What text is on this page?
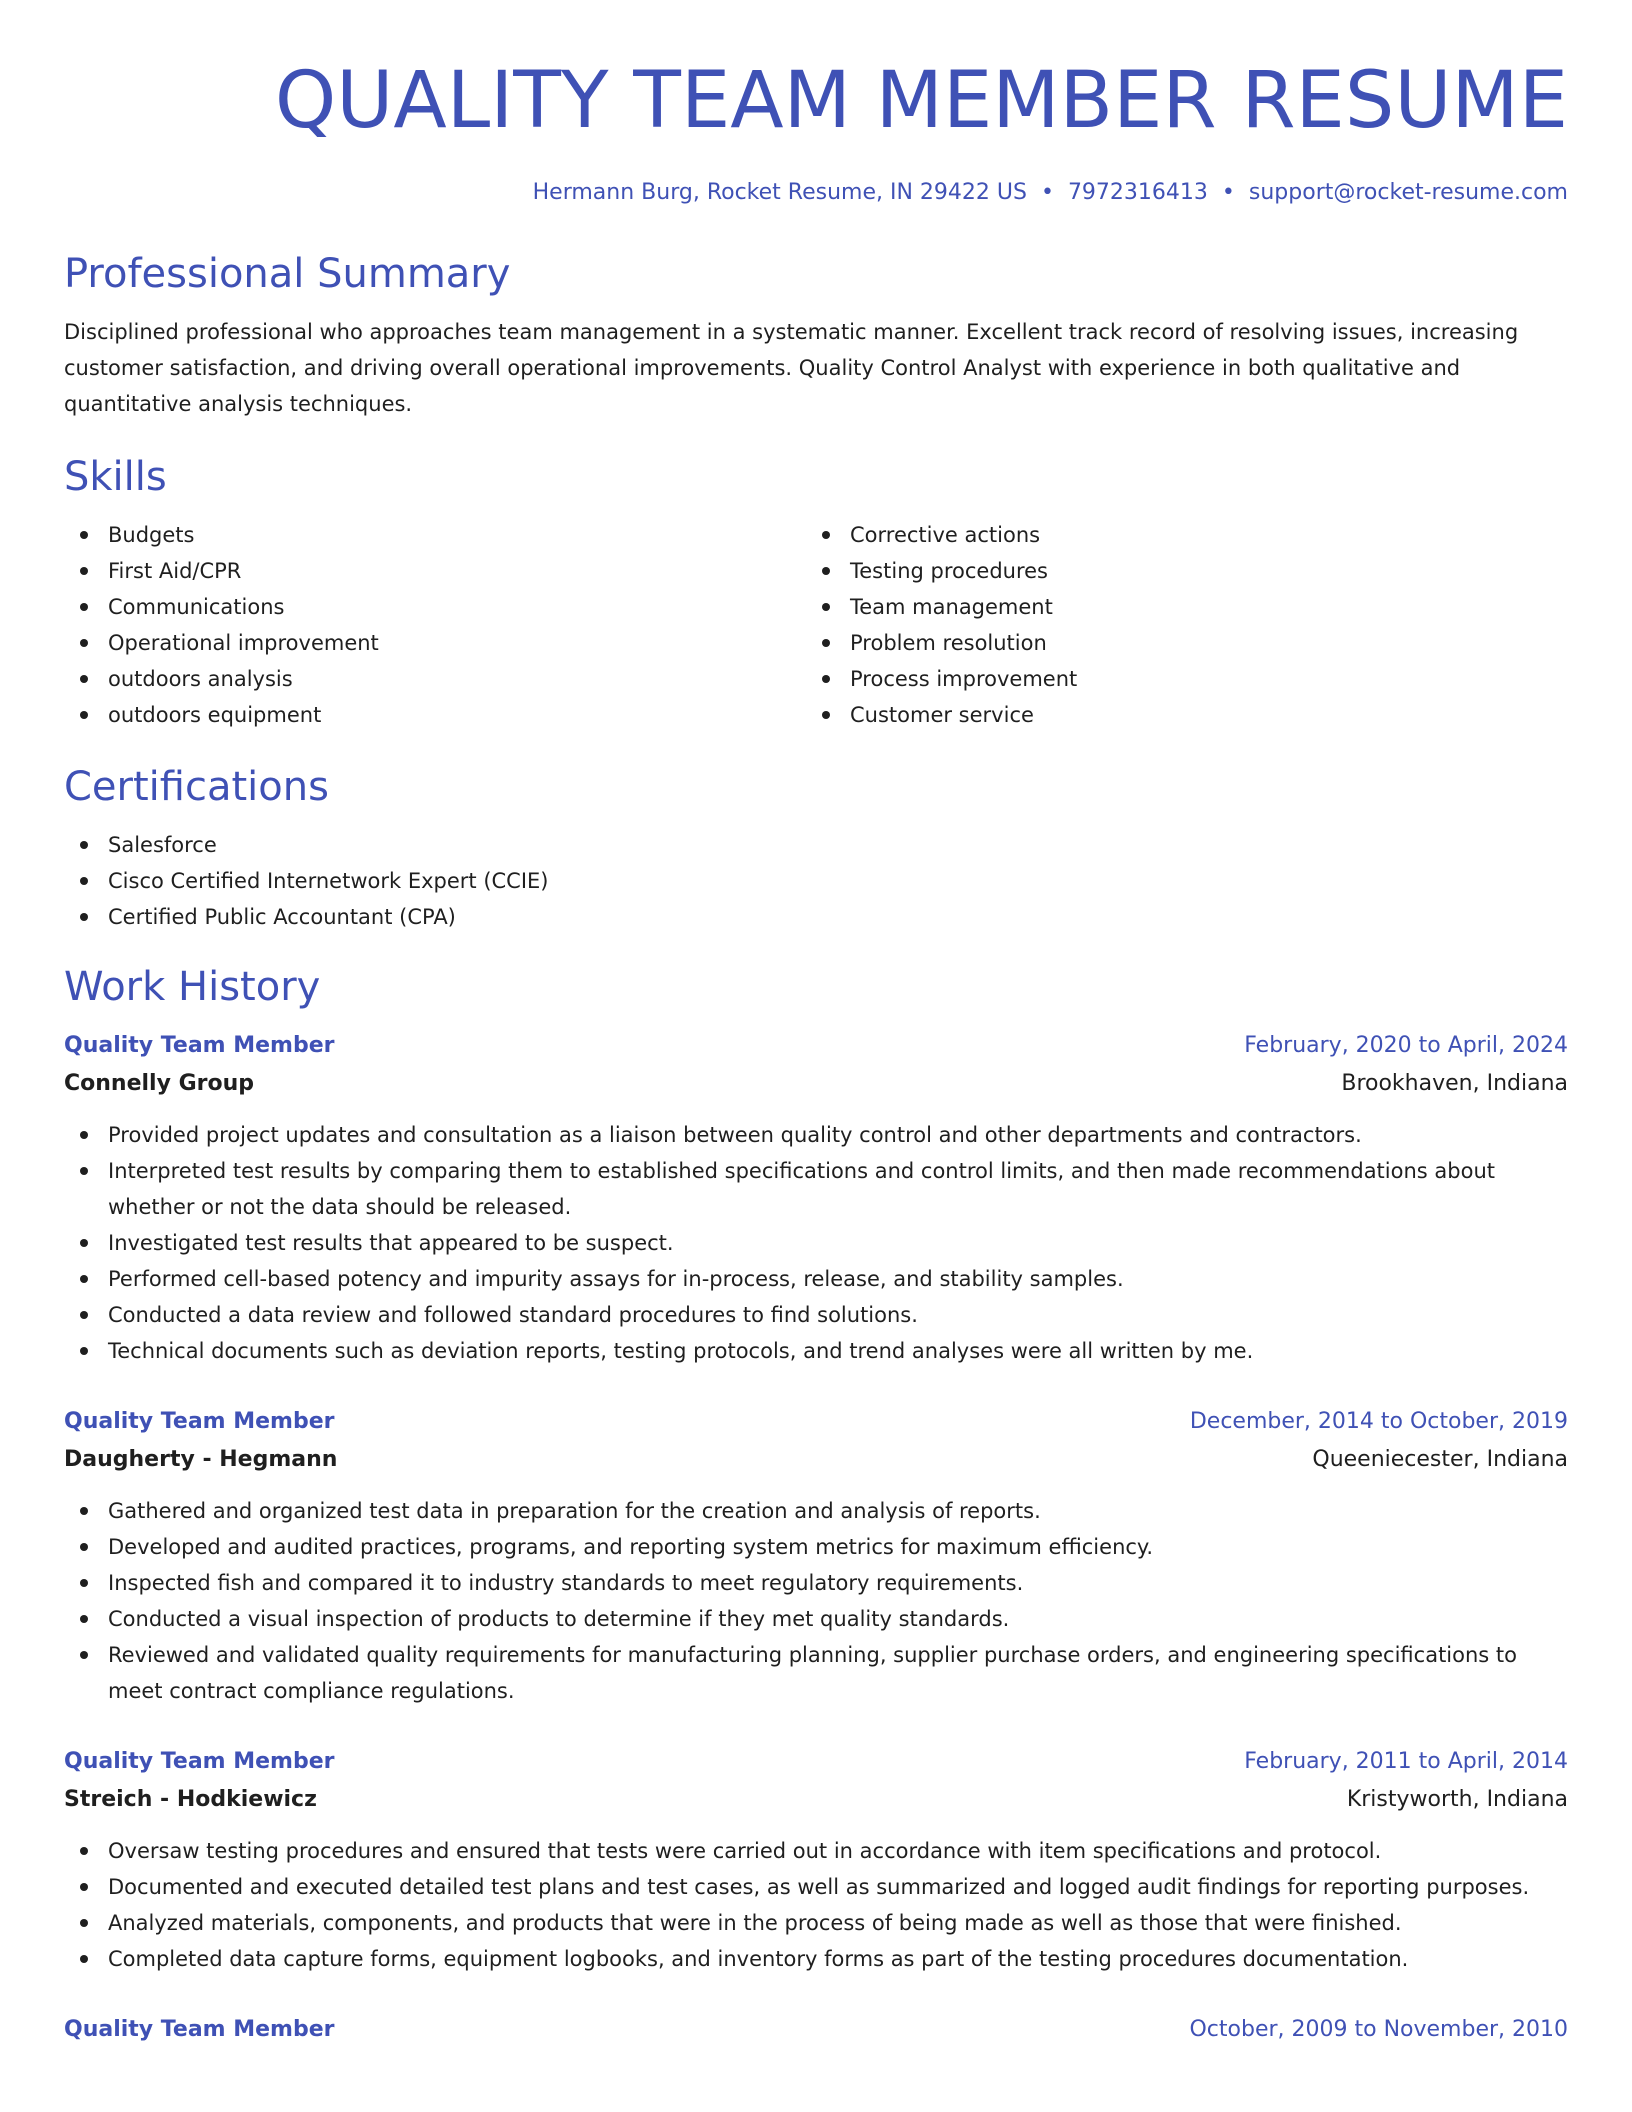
QUALITY TEAM MEMBER RESUME
Hermann Burg, Rocket Resume, IN 29422 US • 7972316413 • support@rocket-resume.com
Professional Summary

Disciplined professional who approaches team management in a systematic manner. Excellent track record of resolving issues, increasing customer satisfaction, and driving overall operational improvements. Quality Control Analyst with experience in both qualitative and quantitative analysis techniques.

Skills
Budgets
First Aid/CPR
Communications
Operational improvement
outdoors analysis
outdoors equipment
Corrective actions
Testing procedures
Team management
Problem resolution
Process improvement
Customer service
Certifications
Salesforce
Cisco Certified Internetwork Expert (CCIE)
Certified Public Accountant (CPA)
Work History
Quality Team Member	February, 2020 to April, 2024
Connelly Group	Brookhaven, Indiana
Provided project updates and consultation as a liaison between quality control and other departments and contractors.
Interpreted test results by comparing them to established specifications and control limits, and then made recommendations about whether or not the data should be released.
Investigated test results that appeared to be suspect.
Performed cell-based potency and impurity assays for in-process, release, and stability samples.
Conducted a data review and followed standard procedures to find solutions.
Technical documents such as deviation reports, testing protocols, and trend analyses were all written by me.
Quality Team Member	December, 2014 to October, 2019
Daugherty - Hegmann	Queeniecester, Indiana
Gathered and organized test data in preparation for the creation and analysis of reports.
Developed and audited practices, programs, and reporting system metrics for maximum efficiency.
Inspected fish and compared it to industry standards to meet regulatory requirements.
Conducted a visual inspection of products to determine if they met quality standards.
Reviewed and validated quality requirements for manufacturing planning, supplier purchase orders, and engineering specifications to meet contract compliance regulations.
Quality Team Member	February, 2011 to April, 2014
Streich - Hodkiewicz	Kristyworth, Indiana
Oversaw testing procedures and ensured that tests were carried out in accordance with item specifications and protocol.
Documented and executed detailed test plans and test cases, as well as summarized and logged audit findings for reporting purposes.
Analyzed materials, components, and products that were in the process of being made as well as those that were finished.
Completed data capture forms, equipment logbooks, and inventory forms as part of the testing procedures documentation.
Quality Team Member	October, 2009 to November, 2010
